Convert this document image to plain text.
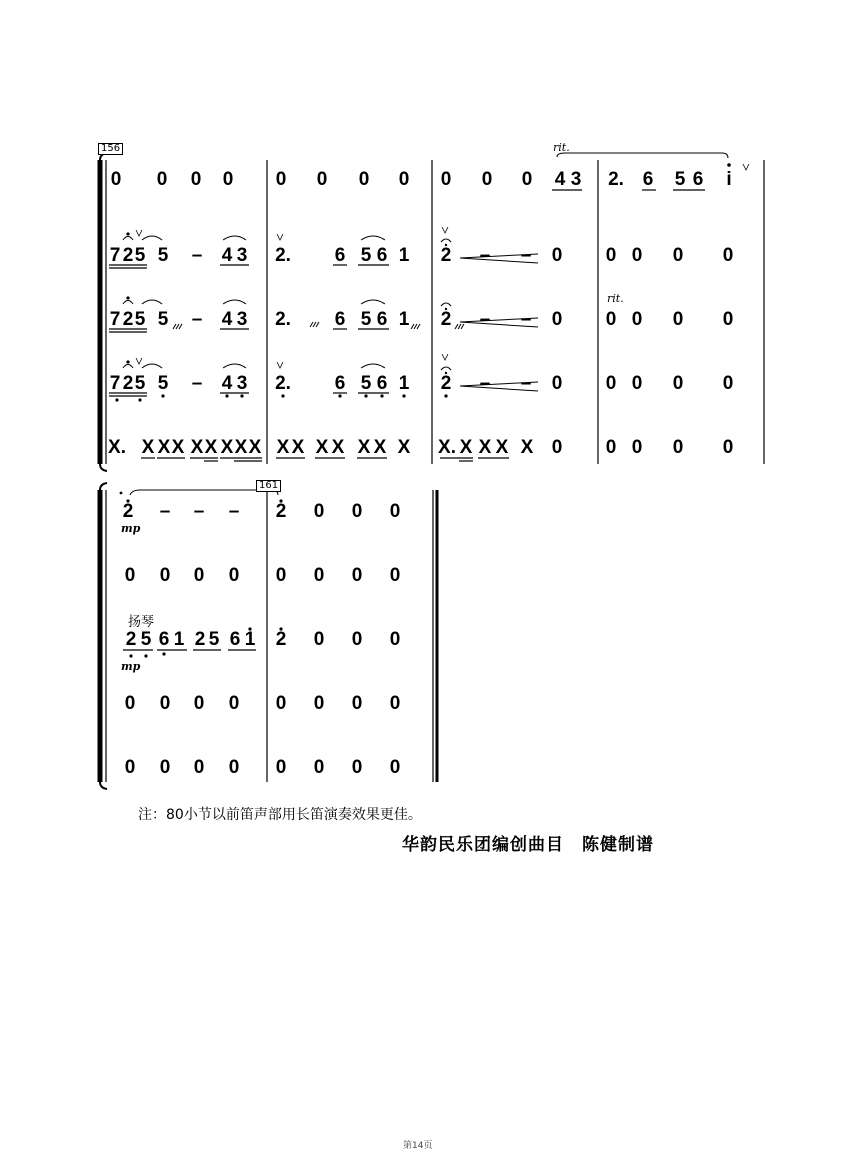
0 0 0 0 0 0 0 0 0 0 0 4 3 2. 6 5 6 i
7 2 5 5 – 4 3 2. 6 5 6 1 2 – – 0 0 0 0 0
7 2 5 5 – 4 3 2. 6 5 6 1 2 – – 0 0 0 0 0
7 2 5 5 – 4 3 2. 6 5 6 1 2 – – 0 0 0 0 0
X. X X X X X X X X X X X X X X X X. X X X X 0 0 0 0 0
2 – – – 2 0 0 0
0 0 0 0 0 0 0 0
2 5 6 1 2 5 6 1 2 0 0 0
0 0 0 0 0 0 0 0
0 0 0 0 0 0 0 0
156	rit.
rit.
161
mp
mp
扬琴
注：80小节以前笛声部用长笛演奏效果更佳。
华韵民乐团编创曲目　陈健制谱
第14页
